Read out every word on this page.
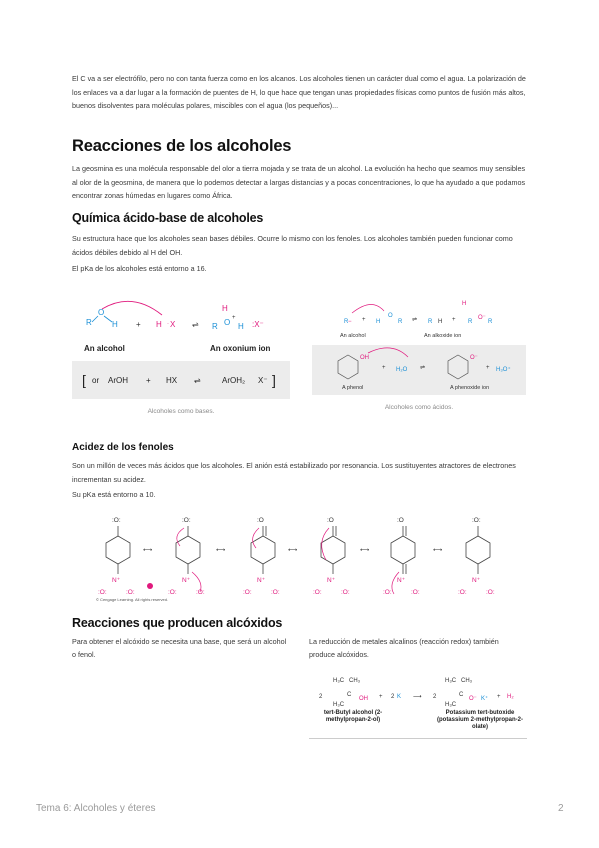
El C va a ser electrófilo, pero no con tanta fuerza como en los alcanos. Los alcoholes tienen un carácter dual como el agua. La polarización de los enlaces va a dar lugar a la formación de puentes de H, lo que hace que tengan unas propiedades físicas como puntos de fusión más altos, buenos disolventes para moléculas polares, miscibles con el agua (los pequeños)...
Reacciones de los alcoholes
La geosmina es una molécula responsable del olor a tierra mojada y se trata de un alcohol. La evolución ha hecho que seamos muy sensibles al olor de la geosmina, de manera que lo podemos detectar a largas distancias y a pocas concentraciones, lo que ha ayudado a que podamos encontrar zonas húmedas en lugares como África.
Química ácido-base de alcoholes
Su estructura hace que los alcoholes sean bases débiles. Ocurre lo mismo con los fenoles. Los alcoholes también pueden funcionar como ácidos débiles debido al H del OH.
El pKa de los alcoholes está entorno a 16.
R
O
H + H X
·	⇌
H
R O H
+
:X⁻
An alcohol	An oxonium ion
[ or ArOH + HX ⇌	ArOH₂ X⁻ ]
Alcoholes como bases.
R − + H
O
R ⇌ R H + R
O⁻
H
R
An alcohol	An alkoxide ion
OH
+ H₂O ⇌
O⁻
+ H₃O⁺
A phenol	A phenoxide ion
Alcoholes como ácidos.
Acidez de los fenoles
Son un millón de veces más ácidos que los alcoholes. El anión está estabilizado por resonancia. Los sustituyentes atractores de electrones incrementan su acidez.
Su pKa está entorno a 10.
:O:	:O:	:O	:O	:O	:O:
N⁺	N⁺	N⁺	N⁺	N⁺	N⁺
:O:	:O:	:O:	:O:	:O:	:O:	:O:	:O:	:O:	:O:	:O:	:O:
⟷	⟷	⟷	⟷	⟷
© Cengage Learning. All rights reserved.
Reacciones que producen alcóxidos
Para obtener el alcóxido se necesita una base, que será un alcohol o fenol.
La reducción de metales alcalinos (reacción redox) también produce alcóxidos.
2
H₃C CH₃
H₃C
C
OH + 2 K ⟶ 2
H₃C CH₃
H₃C
C
O⁻ K⁺ + H₂
tert-Butyl alcohol (2-methylpropan-2-ol)
Potassium tert-butoxide (potassium 2-methylpropan-2-olate)
Tema 6: Alcoholes y éteres	2
